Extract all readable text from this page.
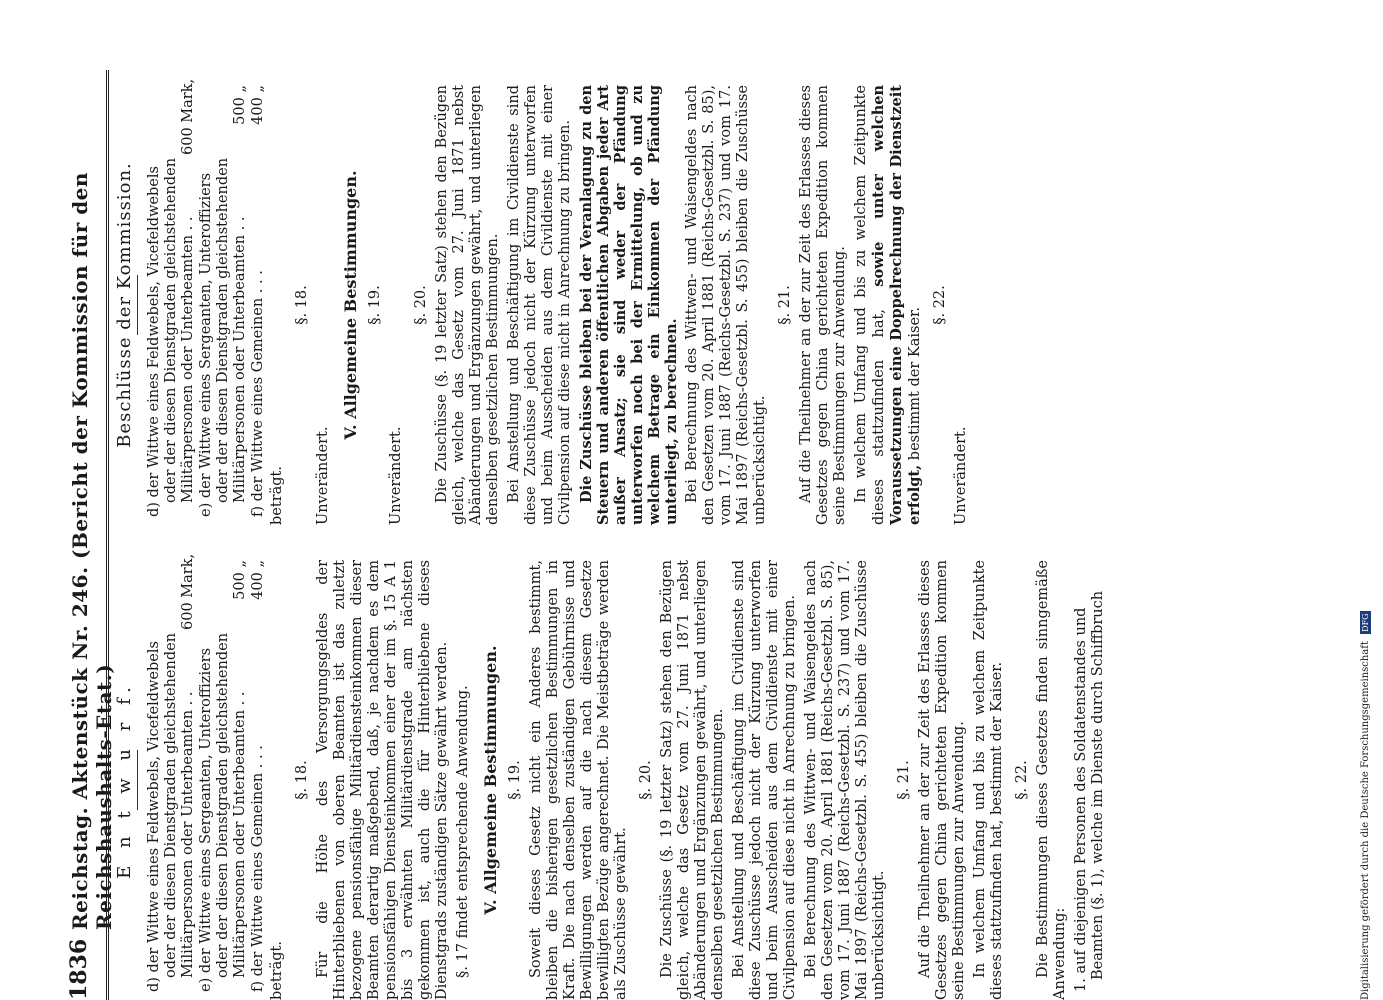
1836
Reichstag. Aktenstück Nr. 246. (Bericht der Kommission für den Reichshaushalts-Etat.)
E n t w u r f. d) der Wittwe eines Feldwebels, Vicefeldwebels oder der diesen Dienstgraden gleichstehenden Militärpersonen oder Unterbeamten . .
600 Mark,
e) der Wittwe eines Sergeanten, Unteroffiziers oder der diesen Dienstgraden gleichstehenden Militärpersonen oder Unterbeamten . .
500 „
f) der Wittwe eines Gemeinen . . .
400 „
beträgt.
§. 18. Für die Höhe des Versorgungsgeldes der Hinterbliebenen von oberen Beamten ist das zuletzt bezogene pensionsfähige Militärdiensteinkommen dieser Beamten derartig maßgebend, daß, je nachdem es dem pensionsfähigen Diensteinkommen einer der im §. 15 A 1 bis 3 erwähnten Militärdienstgrade am nächsten gekommen ist, auch die für Hinterbliebene dieses Dienstgrads zuständigen Sätze gewährt werden. §. 17 findet entsprechende Anwendung. V. Allgemeine Bestimmungen. §. 19. Soweit dieses Gesetz nicht ein Anderes bestimmt, bleiben die bisherigen gesetzlichen Bestimmungen in Kraft. Die nach denselben zuständigen Gebührnisse und Bewilligungen werden auf die nach diesem Gesetze bewilligten Bezüge angerechnet. Die Meistbeträge werden als Zuschüsse gewährt.
§. 20. Die Zuschüsse (§. 19 letzter Satz) stehen den Bezügen gleich, welche das Gesetz vom 27. Juni 1871 nebst Abänderungen und Ergänzungen gewährt, und unterliegen denselben gesetzlichen Bestimmungen. Bei Anstellung und Beschäftigung im Civildienste sind diese Zuschüsse jedoch nicht der Kürzung unterworfen und beim Ausscheiden aus dem Civildienste mit einer Civilpension auf diese nicht in Anrechnung zu bringen. Bei Berechnung des Wittwen- und Waisengeldes nach den Gesetzen vom 20. April 1881 (Reichs-Gesetzbl. S. 85), vom 17. Juni 1887 (Reichs-Gesetzbl. S. 237) und vom 17. Mai 1897 (Reichs-Gesetzbl. S. 455) bleiben die Zuschüsse unberücksichtigt.
§. 21. Auf die Theilnehmer an der zur Zeit des Erlasses dieses Gesetzes gegen China gerichteten Expedition kommen seine Bestimmungen zur Anwendung. In welchem Umfang und bis zu welchem Zeitpunkte dieses stattzufinden hat, bestimmt der Kaiser. §. 22. Die Bestimmungen dieses Gesetzes finden sinngemäße Anwendung: 1. auf diejenigen Personen des Soldatenstandes und Beamten (§. 1), welche im Dienste durch Schiffbruch
Beschlüsse der Kommission. d) der Wittwe eines Feldwebels, Vicefeldwebels oder der diesen Dienstgraden gleichstehenden Militärpersonen oder Unterbeamten . .
600 Mark,
e) der Wittwe eines Sergeanten, Unteroffiziers oder der diesen Dienstgraden gleichstehenden Militärpersonen oder Unterbeamten . .
500 „
f) der Wittwe eines Gemeinen . . .
400 „
beträgt.
§. 18.
Unverändert.
V. Allgemeine Bestimmungen. §. 19.
Unverändert.
§. 20. Die Zuschüsse (§. 19 letzter Satz) stehen den Bezügen gleich, welche das Gesetz vom 27. Juni 1871 nebst Abänderungen und Ergänzungen gewährt, und unterliegen denselben gesetzlichen Bestimmungen. Bei Anstellung und Beschäftigung im Civildienste sind diese Zuschüsse jedoch nicht der Kürzung unterworfen und beim Ausscheiden aus dem Civildienste mit einer Civilpension auf diese nicht in Anrechnung zu bringen. Die Zuschüsse bleiben bei der Veranlagung zu den Steuern und anderen öffentlichen Abgaben jeder Art außer Ansatz; sie sind weder der Pfändung unterworfen noch bei der Ermittelung, ob und zu welchem Betrage ein Einkommen der Pfändung unterliegt, zu berechnen. Bei Berechnung des Wittwen- und Waisengeldes nach den Gesetzen vom 20. April 1881 (Reichs-Gesetzbl. S. 85), vom 17. Juni 1887 (Reichs-Gesetzbl. S. 237) und vom 17. Mai 1897 (Reichs-Gesetzbl. S. 455) bleiben die Zuschüsse unberücksichtigt.
§. 21. Auf die Theilnehmer an der zur Zeit des Erlasses dieses Gesetzes gegen China gerichteten Expedition kommen seine Bestimmungen zur Anwendung. In welchem Umfang und bis zu welchem Zeitpunkte dieses stattzufinden hat, sowie unter welchen Voraussetzungen eine Doppelrechnung der Dienstzeit erfolgt, bestimmt der Kaiser.
§. 22.
Unverändert.
Digitalisierung gefördert durch die Deutsche Forschungsgemeinschaft DFG
